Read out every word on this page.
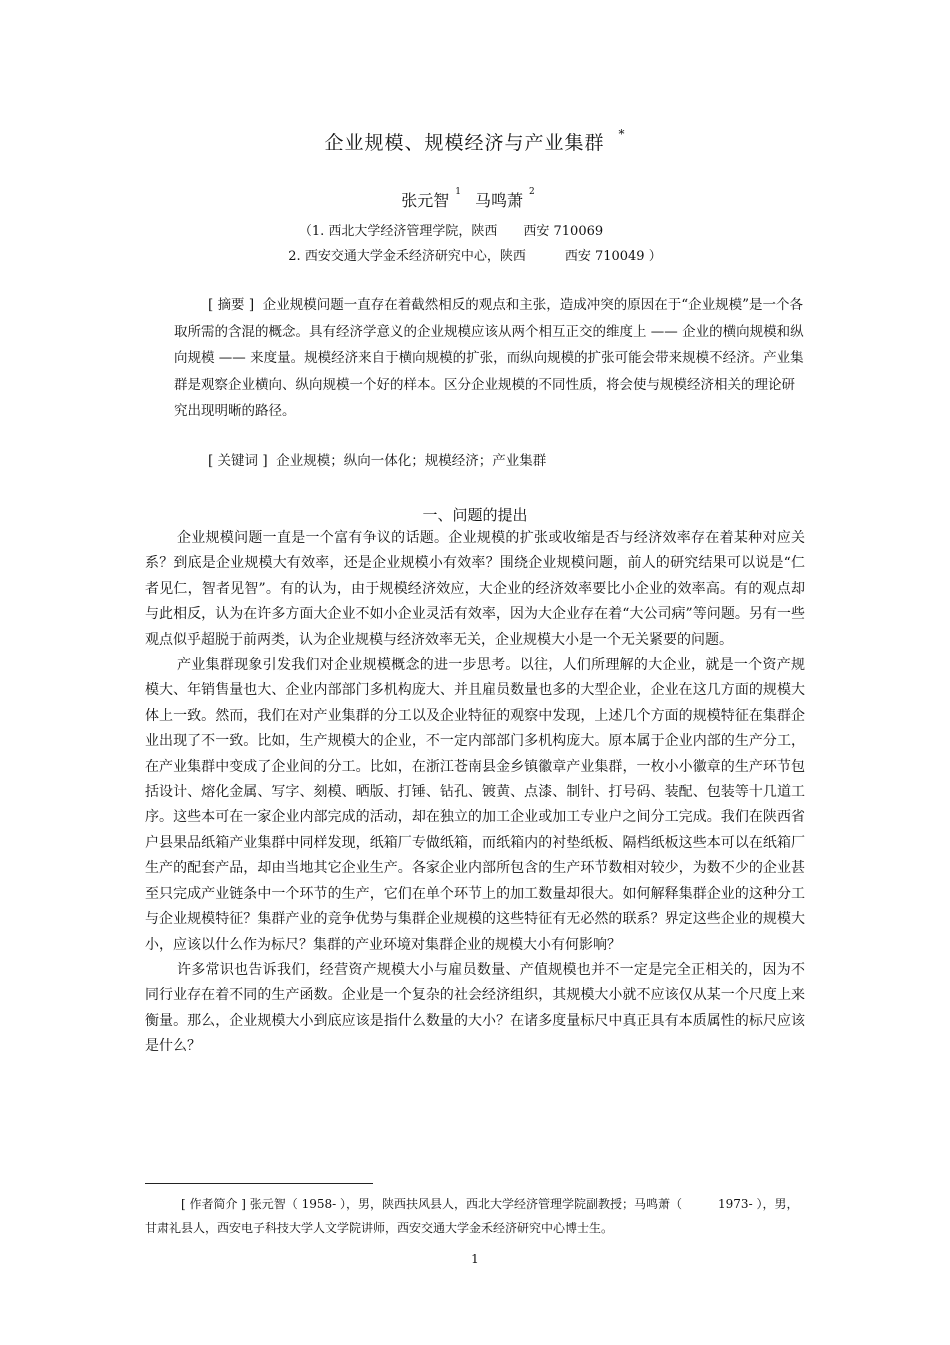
企业规模、规模经济与产业集群 *
张元智 $^1$ 马鸣萧 $^2$
（1. 西北大学经济管理学院，陕西　　西安 710069
2. 西安交通大学金禾经济研究中心，陕西　　　西安 710049 ）

[ 摘要 ] 企业规模问题一直存在着截然相反的观点和主张，造成冲突的原因在于“企业规模”是一个各取所需的含混的概念。具有经济学意义的企业规模应该从两个相互正交的维度上 —— 企业的横向规模和纵向规模 —— 来度量。规模经济来自于横向规模的扩张，而纵向规模的扩张可能会带来规模不经济。产业集群是观察企业横向、纵向规模一个好的样本。区分企业规模的不同性质，将会使与规模经济相关的理论研究出现明晰的路径。

[ 关键词 ] 企业规模；纵向一体化；规模经济；产业集群
一、问题的提出

企业规模问题一直是一个富有争议的话题。企业规模的扩张或收缩是否与经济效率存在着某种对应关系？到底是企业规模大有效率，还是企业规模小有效率？围绕企业规模问题，前人的研究结果可以说是“仁者见仁，智者见智”。有的认为，由于规模经济效应，大企业的经济效率要比小企业的效率高。有的观点却与此相反，认为在许多方面大企业不如小企业灵活有效率，因为大企业存在着“大公司病”等问题。另有一些观点似乎超脱于前两类，认为企业规模与经济效率无关，企业规模大小是一个无关紧要的问题。

产业集群现象引发我们对企业规模概念的进一步思考。以往，人们所理解的大企业，就是一个资产规模大、年销售量也大、企业内部部门多机构庞大、并且雇员数量也多的大型企业，企业在这几方面的规模大体上一致。然而，我们在对产业集群的分工以及企业特征的观察中发现，上述几个方面的规模特征在集群企业出现了不一致。比如，生产规模大的企业，不一定内部部门多机构庞大。原本属于企业内部的生产分工，在产业集群中变成了企业间的分工。比如，在浙江苍南县金乡镇徽章产业集群，一枚小小徽章的生产环节包括设计、熔化金属、写字、刻模、晒版、打锤、钻孔、镀黄、点漆、制针、打号码、装配、包装等十几道工序。这些本可在一家企业内部完成的活动，却在独立的加工企业或加工专业户之间分工完成。我们在陕西省户县果品纸箱产业集群中同样发现，纸箱厂专做纸箱，而纸箱内的衬垫纸板、隔档纸板这些本可以在纸箱厂生产的配套产品，却由当地其它企业生产。各家企业内部所包含的生产环节数相对较少，为数不少的企业甚至只完成产业链条中一个环节的生产，它们在单个环节上的加工数量却很大。如何解释集群企业的这种分工与企业规模特征？集群产业的竞争优势与集群企业规模的这些特征有无必然的联系？界定这些企业的规模大小，应该以什么作为标尺？集群的产业环境对集群企业的规模大小有何影响？

许多常识也告诉我们，经营资产规模大小与雇员数量、产值规模也并不一定是完全正相关的，因为不同行业存在着不同的生产函数。企业是一个复杂的社会经济组织，其规模大小就不应该仅从某一个尺度上来衡量。那么，企业规模大小到底应该是指什么数量的大小？在诸多度量标尺中真正具有本质属性的标尺应该是什么？

[ 作者简介 ] 张元智（ 1958- ），男，陕西扶风县人，西北大学经济管理学院副教授；马鸣萧（　　　1973- ），男，甘肃礼县人，西安电子科技大学人文学院讲师，西安交通大学金禾经济研究中心博士生。

1
